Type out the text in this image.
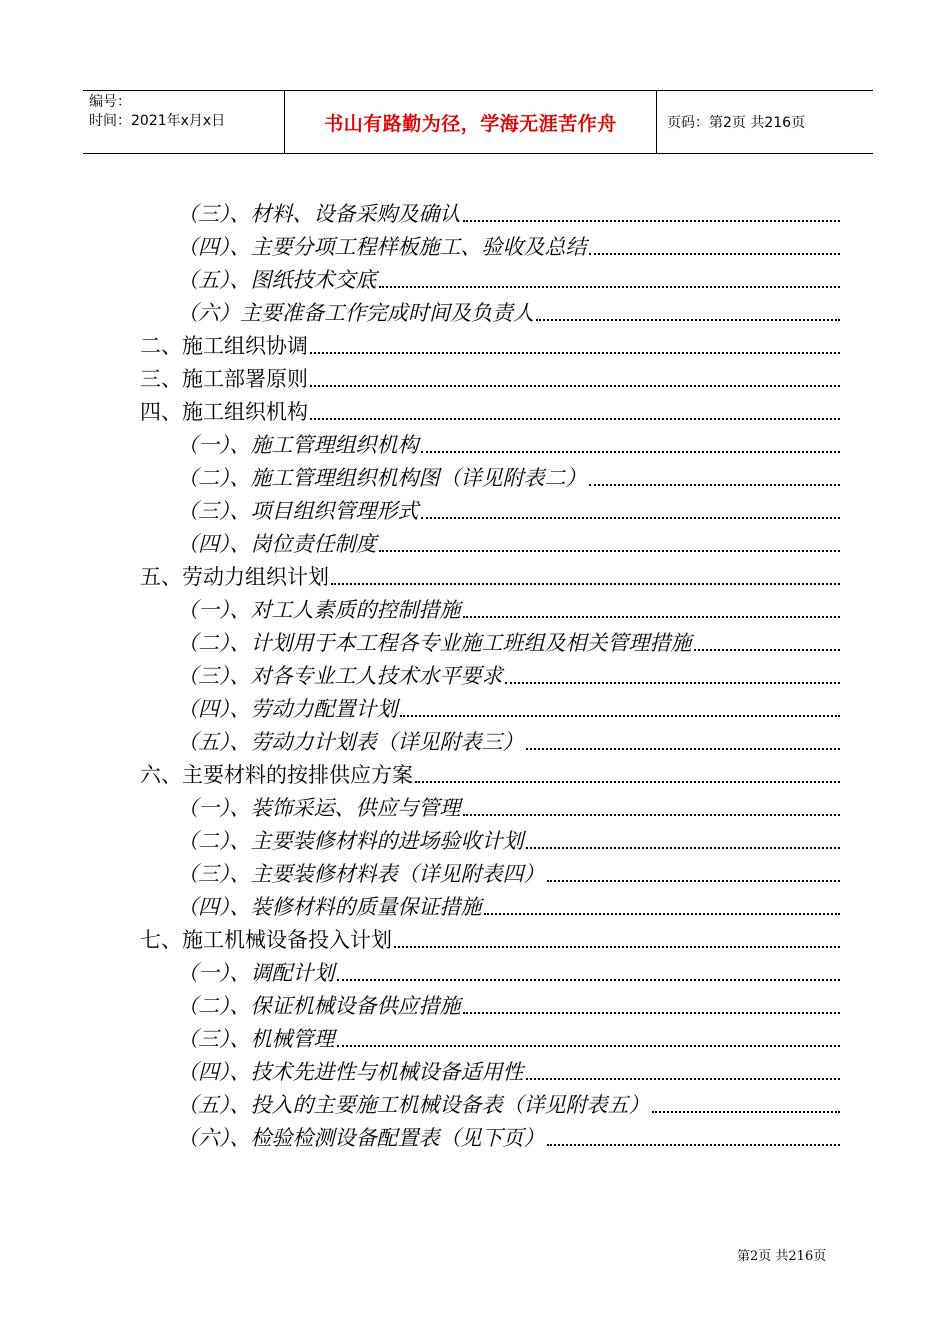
编号：
时间：2021年x月x日	书山有路勤为径，学海无涯苦作舟	页码：第2页 共216页
（三）、材料、设备采购及确认
（四）、主要分项工程样板施工、验收及总结
（五）、图纸技术交底
（六）主要准备工作完成时间及负责人
二、施工组织协调
三、施工部署原则
四、施工组织机构
（一）、施工管理组织机构
（二）、施工管理组织机构图（详见附表二）
（三）、项目组织管理形式
（四）、岗位责任制度
五、劳动力组织计划
（一）、对工人素质的控制措施
（二）、计划用于本工程各专业施工班组及相关管理措施
（三）、对各专业工人技术水平要求
（四）、劳动力配置计划
（五）、劳动力计划表（详见附表三）
六、主要材料的按排供应方案
（一）、装饰采运、供应与管理
（二）、主要装修材料的进场验收计划
（三）、主要装修材料表（详见附表四）
（四）、装修材料的质量保证措施
七、施工机械设备投入计划
（一）、调配计划
（二）、保证机械设备供应措施
（三）、机械管理
（四）、技术先进性与机械设备适用性
（五）、投入的主要施工机械设备表（详见附表五）
（六）、检验检测设备配置表（见下页）
第2页 共216页
